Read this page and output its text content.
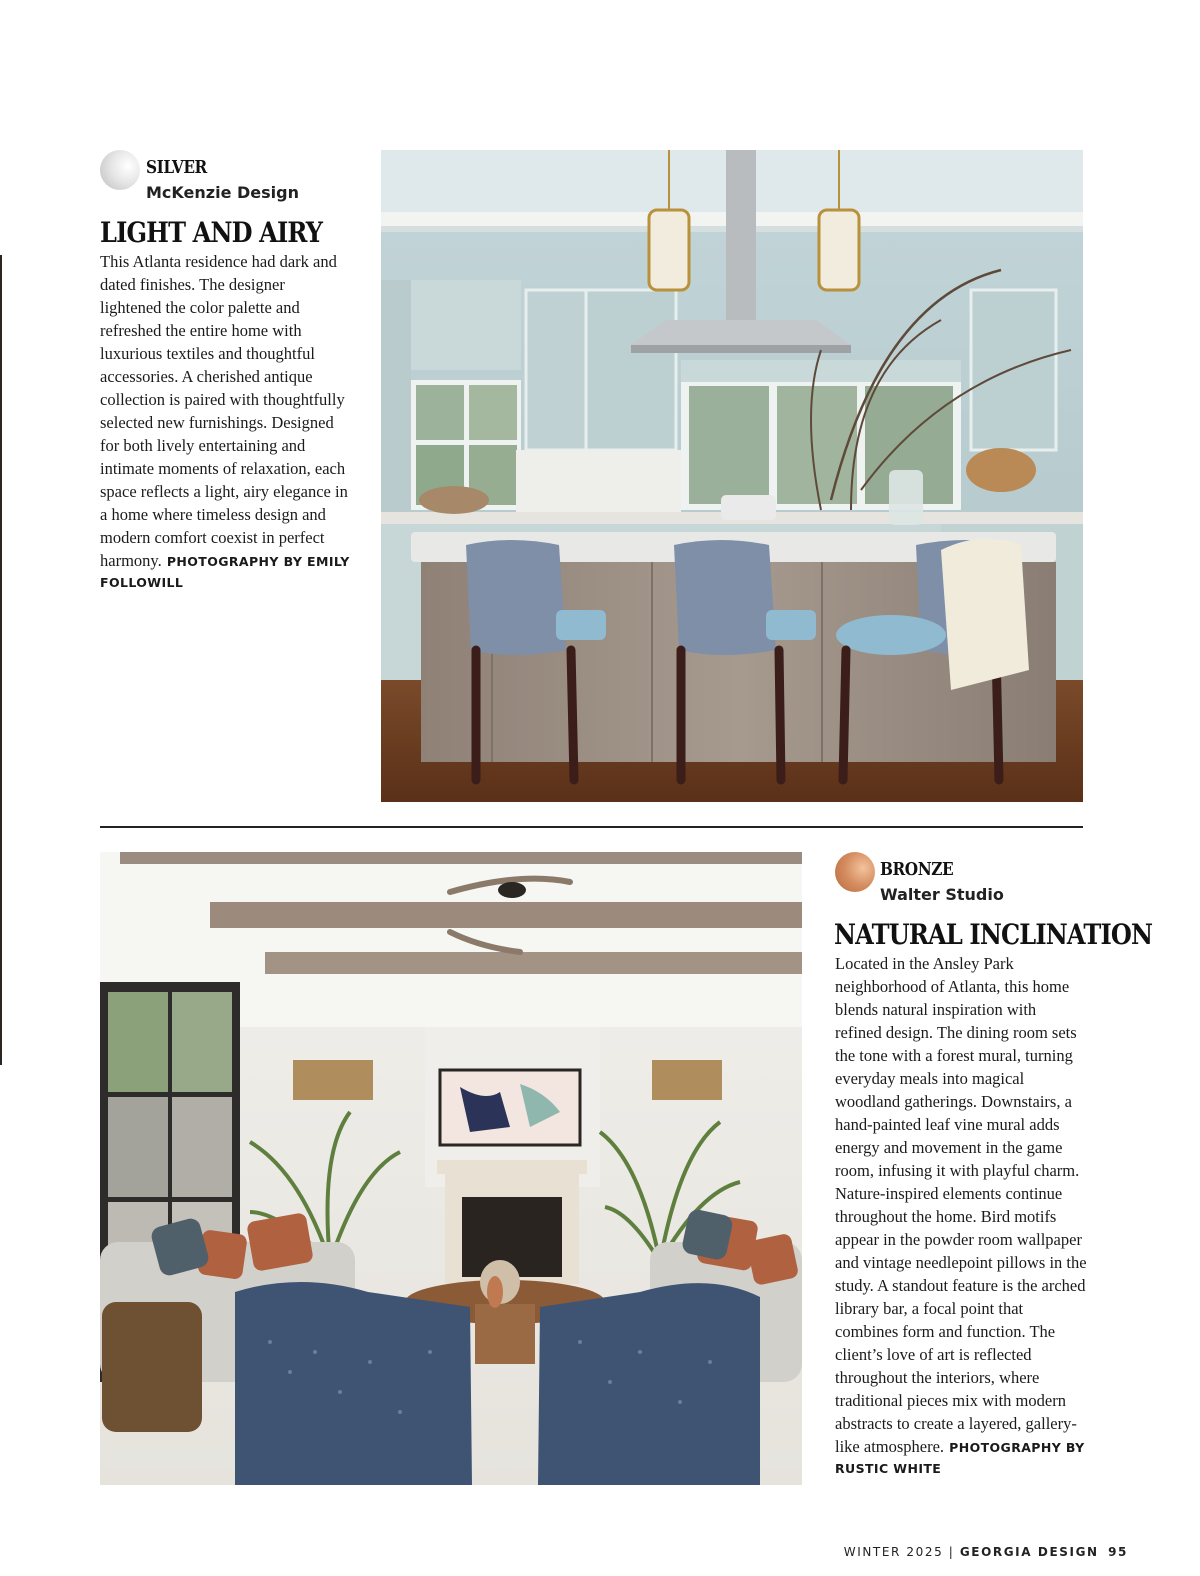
SILVER
McKenzie Design
LIGHT AND AIRY
This Atlanta residence had dark and dated finishes. The designer lightened the color palette and refreshed the entire home with luxurious textiles and thoughtful accessories. A cherished antique collection is paired with thoughtfully selected new furnishings. Designed for both lively entertaining and intimate moments of relaxation, each space reflects a light, airy elegance in a home where timeless design and modern comfort coexist in perfect harmony. PHOTOGRAPHY BY EMILY FOLLOWILL
BRONZE
Walter Studio
NATURAL INCLINATION
Located in the Ansley Park neighborhood of Atlanta, this home blends natural inspiration with refined design. The dining room sets the tone with a forest mural, turning everyday meals into magical woodland gatherings. Downstairs, a hand-painted leaf vine mural adds energy and movement in the game room, infusing it with playful charm. Nature-inspired elements continue throughout the home. Bird motifs appear in the powder room wallpaper and vintage needlepoint pillows in the study. A standout feature is the arched library bar, a focal point that combines form and function. The client’s love of art is reflected throughout the interiors, where traditional pieces mix with modern abstracts to create a layered, gallery-like atmosphere. PHOTOGRAPHY BY RUSTIC WHITE
WINTER 2025 | GEORGIA DESIGN 95
